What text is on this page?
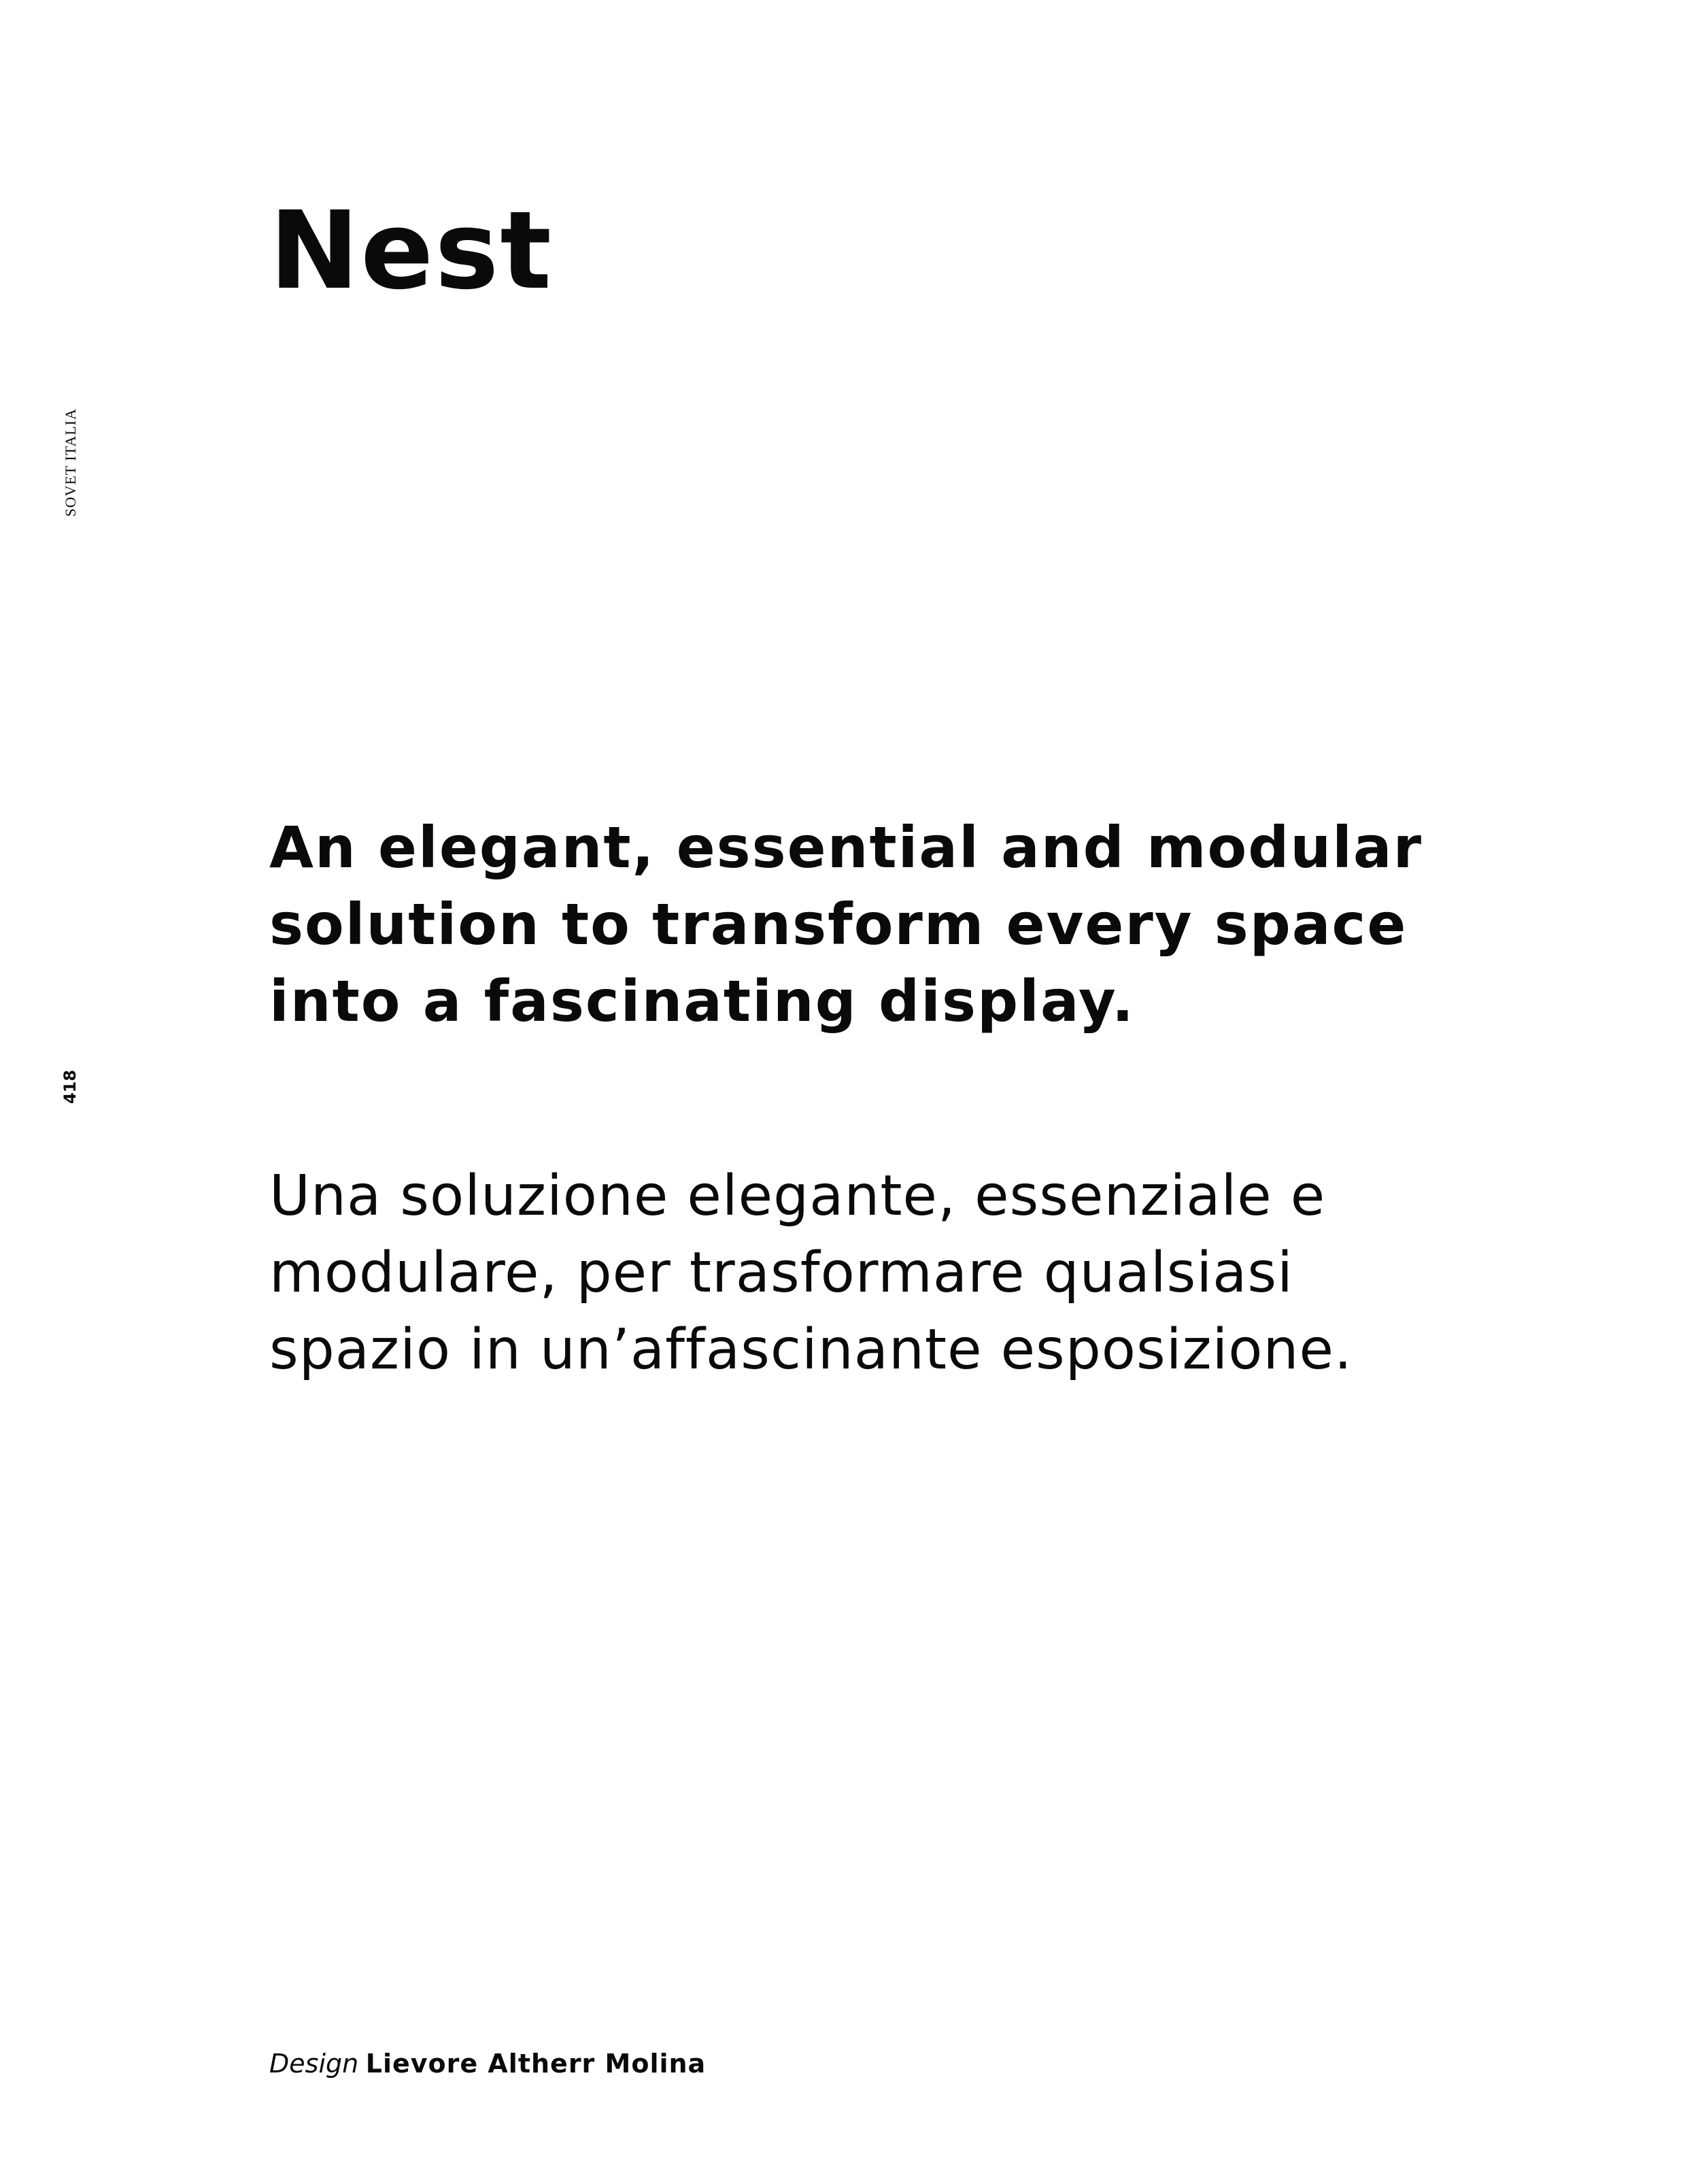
Nest
SOVET ITALIA
418

An elegant, essential and modular
solution to transform every space
into a fascinating display.

Una soluzione elegante, essenziale e
modulare, per trasformare qualsiasi
spazio in un’affascinante esposizione.

Design Lievore Altherr Molina
